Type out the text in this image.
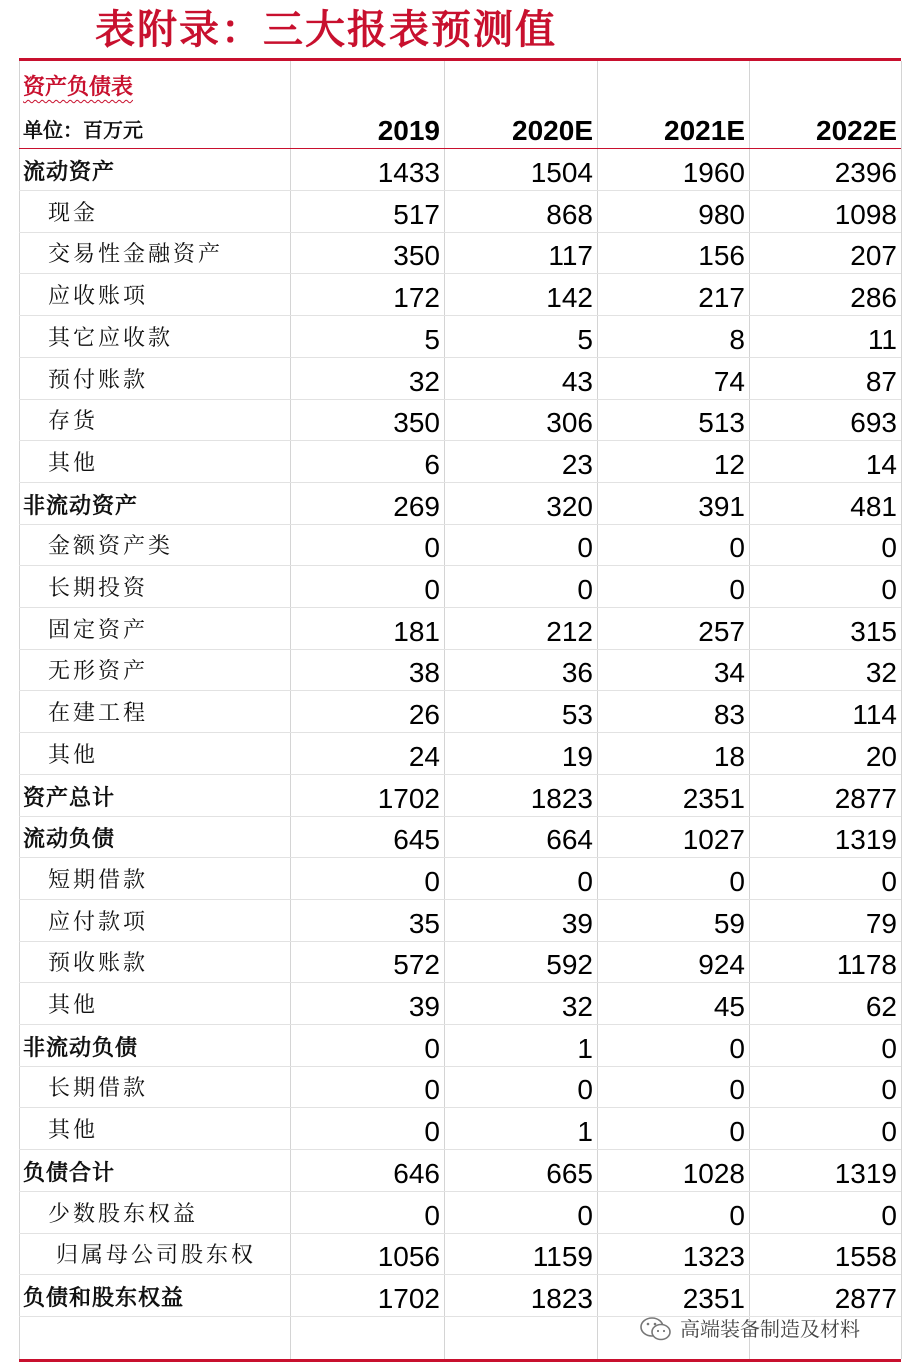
表附录：三大报表预测值
资产负债表
单位：百万元	2019	2020E	2021E	2022E
流动资产	1433	1504	1960	2396
现金	517	868	980	1098
交易性金融资产	350	117	156	207
应收账项	172	142	217	286
其它应收款	5	5	8	11
预付账款	32	43	74	87
存货	350	306	513	693
其他	6	23	12	14
非流动资产	269	320	391	481
金额资产类	0	0	0	0
长期投资	0	0	0	0
固定资产	181	212	257	315
无形资产	38	36	34	32
在建工程	26	53	83	114
其他	24	19	18	20
资产总计	1702	1823	2351	2877
流动负债	645	664	1027	1319
短期借款	0	0	0	0
应付款项	35	39	59	79
预收账款	572	592	924	1178
其他	39	32	45	62
非流动负债	0	1	0	0
长期借款	0	0	0	0
其他	0	1	0	0
负债合计	646	665	1028	1319
少数股东权益	0	0	0	0
归属母公司股东权	1056	1159	1323	1558
负债和股东权益	1702	1823	2351	2877
高端装备制造及材料
